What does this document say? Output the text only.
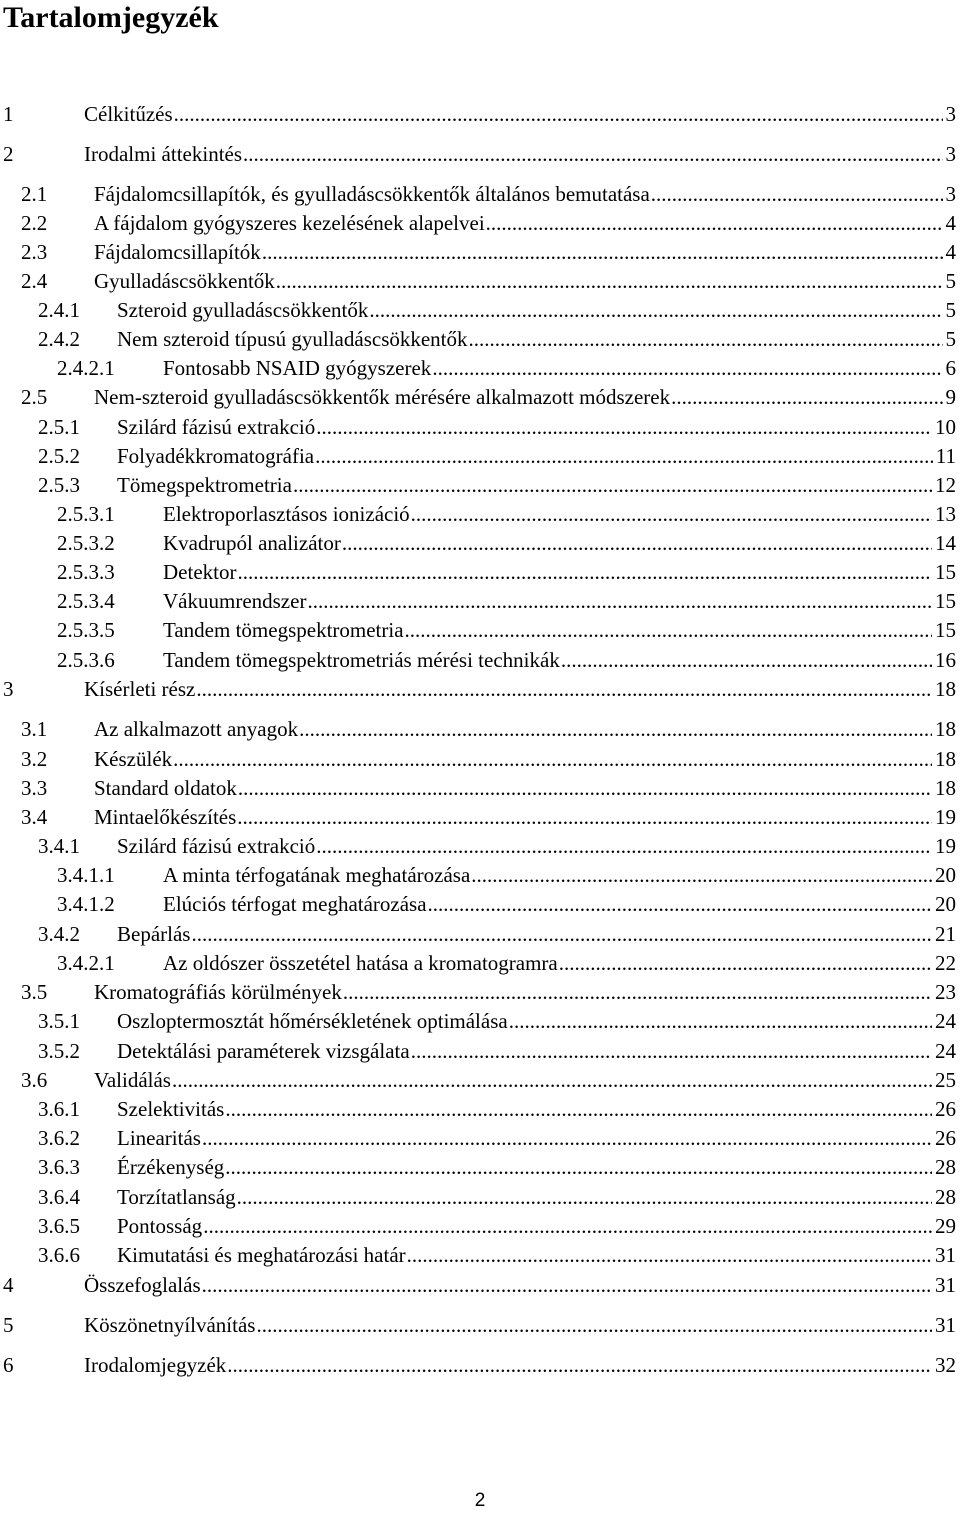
Tartalomjegyzék
1	Célkitűzés .....	3
2	Irodalmi áttekintés .....	3
2.1 Fájdalomcsillapítók, és gyulladáscsökkentők általános bemutatása .....	3
2.2 A fájdalom gyógyszeres kezelésének alapelvei .....	4
2.3 Fájdalomcsillapítók .....	4
2.4 Gyulladáscsökkentők .....	5
2.4.1 Szteroid gyulladáscsökkentők .....	5
2.4.2 Nem szteroid típusú gyulladáscsökkentők .....	5
2.4.2.1 Fontosabb NSAID gyógyszerek .....	6
2.5 Nem-szteroid gyulladáscsökkentők mérésére alkalmazott módszerek .....	9
2.5.1 Szilárd fázisú extrakció .....	10
2.5.2 Folyadékkromatográfia .....	11
2.5.3 Tömegspektrometria .....	12
2.5.3.1 Elektroporlasztásos ionizáció .....	13
2.5.3.2 Kvadrupól analizátor .....	14
2.5.3.3 Detektor .....	15
2.5.3.4 Vákuumrendszer .....	15
2.5.3.5 Tandem tömegspektrometria .....	15
2.5.3.6 Tandem tömegspektrometriás mérési technikák .....	16
3	Kísérleti rész .....	18
3.1 Az alkalmazott anyagok .....	18
3.2 Készülék .....	18
3.3 Standard oldatok .....	18
3.4 Mintaelőkészítés .....	19
3.4.1 Szilárd fázisú extrakció .....	19
3.4.1.1 A minta térfogatának meghatározása .....	20
3.4.1.2 Elúciós térfogat meghatározása .....	20
3.4.2 Bepárlás .....	21
3.4.2.1 Az oldószer összetétel hatása a kromatogramra .....	22
3.5 Kromatográfiás körülmények .....	23
3.5.1 Oszloptermosztát hőmérsékletének optimálása .....	24
3.5.2 Detektálási paraméterek vizsgálata .....	24
3.6 Validálás .....	25
3.6.1 Szelektivitás .....	26
3.6.2 Linearitás .....	26
3.6.3 Érzékenység .....	28
3.6.4 Torzítatlanság .....	28
3.6.5 Pontosság .....	29
3.6.6 Kimutatási és meghatározási határ .....	31
4	Összefoglalás .....	31
5	Köszönetnyílvánítás .....	31
6	Irodalomjegyzék .....	32
2
